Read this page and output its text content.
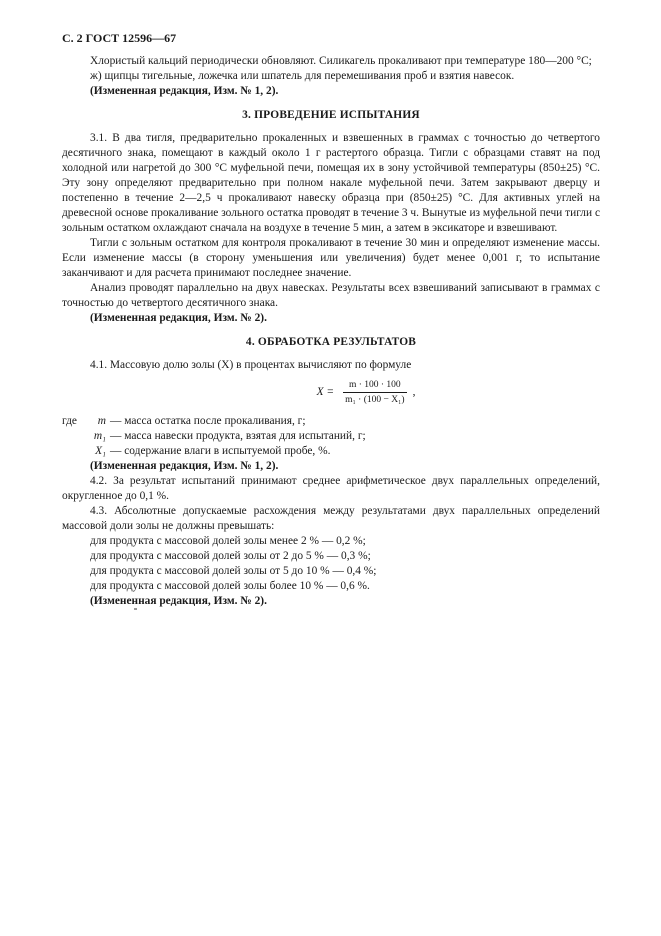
С. 2 ГОСТ 12596—67

Хлористый кальций периодически обновляют. Силикагель прокаливают при температуре 180—200 °С;

ж) щипцы тигельные, ложечка или шпатель для перемешивания проб и взятия навесок.

(Измененная редакция, Изм. № 1, 2).

3. ПРОВЕДЕНИЕ ИСПЫТАНИЯ

3.1. В два тигля, предварительно прокаленных и взвешенных в граммах с точностью до четвертого десятичного знака, помещают в каждый около 1 г растертого образца. Тигли с образцами ставят на под холодной или нагретой до 300 °С муфельной печи, помещая их в зону устойчивой температуры (850±25) °С. Эту зону определяют предварительно при полном накале муфельной печи. Затем закрывают дверцу и постепенно в течение 2—2,5 ч прокаливают навеску образца при (850±25) °С. Для активных углей на древесной основе прокаливание зольного остатка проводят в течение 3 ч. Вынутые из муфельной печи тигли с зольным остатком охлаждают сначала на воздухе в течение 5 мин, а затем в эксикаторе и взвешивают.

Тигли с зольным остатком для контроля прокаливают в течение 30 мин и определяют изменение массы. Если изменение массы (в сторону уменьшения или увеличения) будет менее 0,001 г, то испытание заканчивают и для расчета принимают последнее значение.

Анализ проводят параллельно на двух навесках. Результаты всех взвешиваний записывают в граммах с точностью до четвертого десятичного знака.

(Измененная редакция, Изм. № 2).

4. ОБРАБОТКА РЕЗУЛЬТАТОВ

4.1. Массовую долю золы (X) в процентах вычисляют по формуле

$X = \frac{m \cdot 100 \cdot 100}{\text{m₁ · (100 − X₁)}}$ ,
где	m — масса остатка после прокаливания, г;
m₁ — масса навески продукта, взятая для испытаний, г;
X₁ — содержание влаги в испытуемой пробе, %.

(Измененная редакция, Изм. № 1, 2).

4.2. За результат испытаний принимают среднее арифметическое двух параллельных определений, округленное до 0,1 %.

4.3. Абсолютные допускаемые расхождения между результатами двух параллельных определений массовой доли золы не должны превышать:

для продукта с массовой долей золы менее 2 % — 0,2 %;

для продукта с массовой долей золы от 2 до 5 % — 0,3 %;

для продукта с массовой долей золы от 5 до 10 % — 0,4 %;

для продукта с массовой долей золы более 10 % — 0,6 %.

(Измененная редакция, Изм. № 2).
